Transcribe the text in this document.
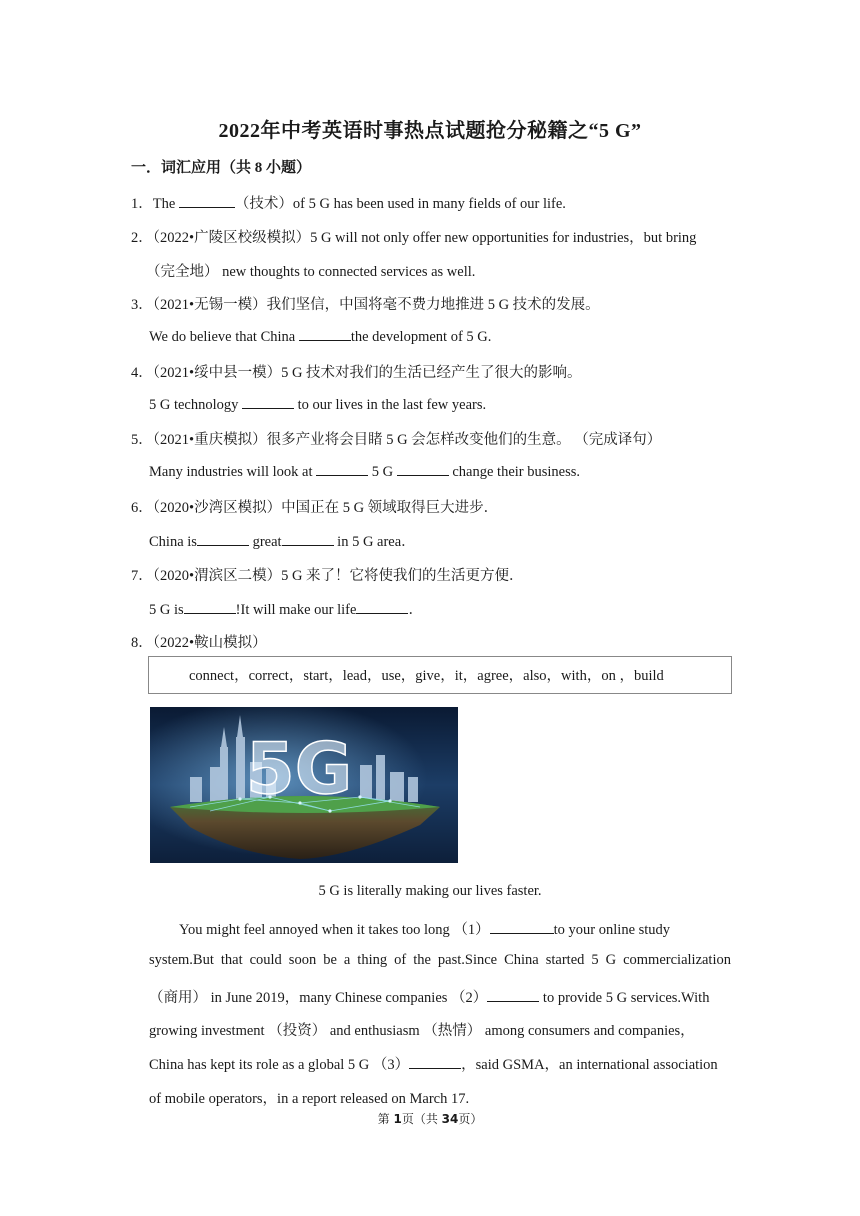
2022年中考英语时事热点试题抢分秘籍之“5 G”
一．词汇应用（共 8 小题）
1．The	（技术）of 5 G has been used in many fields of our life.
2．（2022•广陵区校级模拟）5 G will not only offer new opportunities for industries，but bring
（完全地） new thoughts to connected services as well.
3．（2021•无锡一模）我们坚信，中国将毫不费力地推进 5 G 技术的发展。
We do believe that China	the development of 5 G.
4．（2021•绥中县一模）5 G 技术对我们的生活已经产生了很大的影响。
5 G technology	to our lives in the last few years.
5．（2021•重庆模拟）很多产业将会目睹 5 G 会怎样改变他们的生意。 （完成译句）
Many industries will look at	5 G	change their business.
6．（2020•沙湾区模拟）中国正在 5 G 领域取得巨大进步．
China is	great	in 5 G area．
7．（2020•渭滨区二模）5 G 来了！它将使我们的生活更方便．
5 G is	!It will make our life	．
8．（2022•鞍山模拟）
connect，correct，start，lead，use，give，it，agree，also，with，on ，build
5G
5 G is literally making our lives faster.
You might feel annoyed when it takes too long （1）	to your online study
system.But that could soon be a thing of the past.Since China started 5 G commercialization
（商用） in June 2019，many Chinese companies （2）	to provide 5 G services.With
growing investment （投资） and enthusiasm （热情） among consumers and companies，
China has kept its role as a global 5 G （3）	，said GSMA，an international association
of mobile operators，in a report released on March 17.
第 1页（共 34页）
